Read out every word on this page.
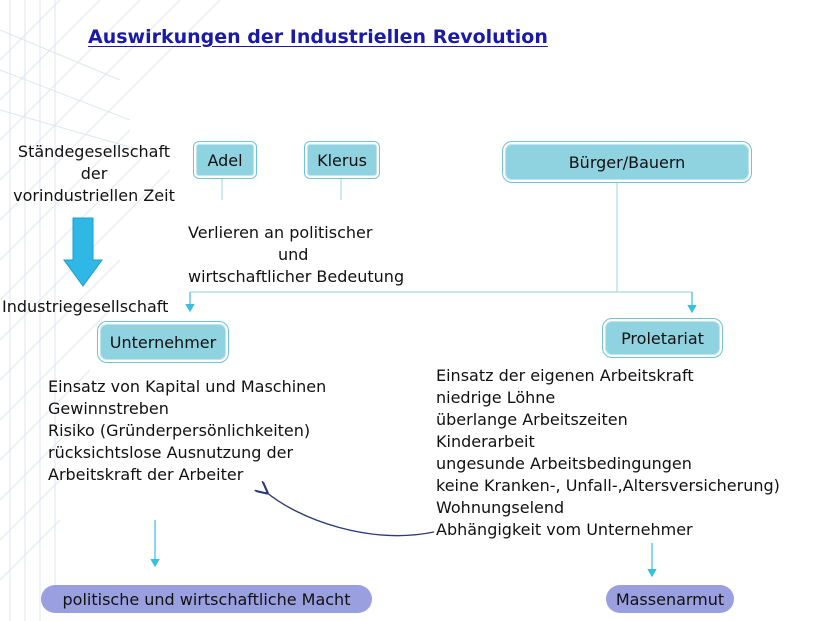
Auswirkungen der Industriellen Revolution
Ständegesellschaft
der
vorindustriellen Zeit
Industriegesellschaft
Adel	Klerus	Bürger/Bauern
Verlieren an politischer
und
wirtschaftlicher Bedeutung
Unternehmer	Proletariat
Einsatz von Kapital und Maschinen
Gewinnstreben
Risiko (Gründerpersönlichkeiten)
rücksichtslose Ausnutzung der
Arbeitskraft der Arbeiter
Einsatz der eigenen Arbeitskraft
niedrige Löhne
überlange Arbeitszeiten
Kinderarbeit
ungesunde Arbeitsbedingungen
keine Kranken-, Unfall-,Altersversicherung)
Wohnungselend
Abhängigkeit vom Unternehmer
politische und wirtschaftliche Macht	Massenarmut
